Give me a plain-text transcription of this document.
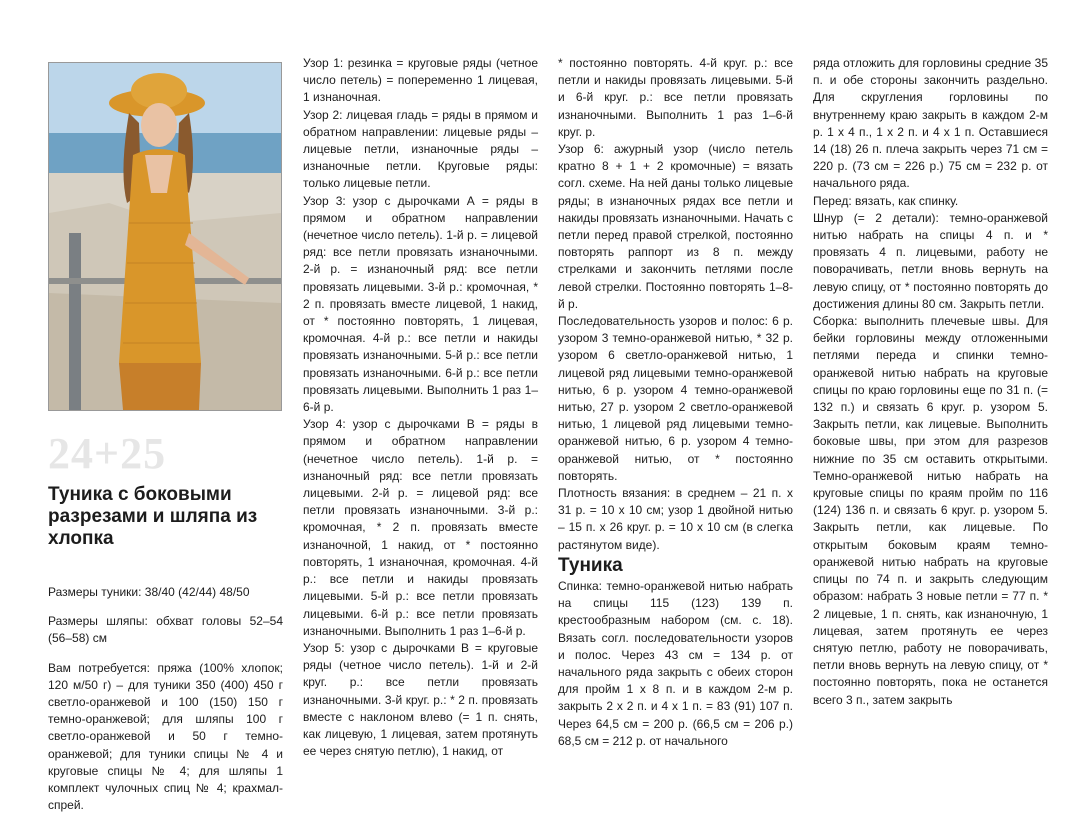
24+25
Туника с боковыми разрезами и шляпа из хлопка

Размеры туники: 38/40 (42/44) 48/50

Размеры шляпы: обхват головы 52–54 (56–58) см

Вам потребуется: пряжа (100% хлопок; 120 м/50 г) – для туники 350 (400) 450 г светло-оранжевой и 100 (150) 150 г темно-оранжевой; для шляпы 100 г светло-оранжевой и 50 г темно-оранжевой; для туники спицы № 4 и круговые спицы № 4; для шляпы 1 комплект чулочных спиц № 4; крахмал-спрей.

Узор 1: резинка = круговые ряды (четное число петель) = попеременно 1 лицевая, 1 изнаночная.

Узор 2: лицевая гладь = ряды в прямом и обратном направлении: лицевые ряды – лицевые петли, изнаночные ряды – изнаночные петли. Круговые ряды: только лицевые петли.

Узор 3: узор с дырочками А = ряды в прямом и обратном направлении (нечетное число петель). 1-й р. = лицевой ряд: все петли провязать изнаночными. 2-й р. = изнаночный ряд: все петли провязать лицевыми. 3-й р.: кромочная, * 2 п. провязать вместе лицевой, 1 накид, от * постоянно повторять, 1 лицевая, кромочная. 4-й р.: все петли и накиды провязать изнаночными. 5-й р.: все петли провязать изнаночными. 6-й р.: все петли провязать лицевыми. Выполнить 1 раз 1–6-й р.

Узор 4: узор с дырочками В = ряды в прямом и обратном направлении (нечетное число петель). 1-й р. = изнаночный ряд: все петли провязать лицевыми. 2-й р. = лицевой ряд: все петли провязать изнаночными. 3-й р.: кромочная, * 2 п. провязать вместе изнаночной, 1 накид, от * постоянно повторять, 1 изнаночная, кромочная. 4-й р.: все петли и накиды провязать лицевыми. 5-й р.: все петли провязать лицевыми. 6-й р.: все петли провязать изнаночными. Выполнить 1 раз 1–6-й р.

Узор 5: узор с дырочками В = круговые ряды (четное число петель). 1-й и 2-й круг. р.: все петли провязать изнаночными. 3-й круг. р.: * 2 п. провязать вместе с наклоном влево (= 1 п. снять, как лицевую, 1 лицевая, затем протянуть ее через снятую петлю), 1 накид, от

* постоянно повторять. 4-й круг. р.: все петли и накиды провязать лицевыми. 5-й и 6-й круг. р.: все петли провязать изнаночными. Выполнить 1 раз 1–6-й круг. р.

Узор 6: ажурный узор (число петель кратно 8 + 1 + 2 кромочные) = вязать согл. схеме. На ней даны только лицевые ряды; в изнаночных рядах все петли и накиды провязать изнаночными. Начать с петли перед правой стрелкой, постоянно повторять раппорт из 8 п. между стрелками и закончить петлями после левой стрелки. Постоянно повторять 1–8-й р.

Последовательность узоров и полос: 6 р. узором 3 темно-оранжевой нитью, * 32 р. узором 6 светло-оранжевой нитью, 1 лицевой ряд лицевыми темно-оранжевой нитью, 6 р. узором 4 темно-оранжевой нитью, 27 р. узором 2 светло-оранжевой нитью, 1 лицевой ряд лицевыми темно-оранжевой нитью, 6 р. узором 4 темно-оранжевой нитью, от * постоянно повторять.

Плотность вязания: в среднем – 21 п. x 31 р. = 10 x 10 см; узор 1 двойной нитью – 15 п. x 26 круг. р. = 10 x 10 см (в слегка растянутом виде).

Туника

Спинка: темно-оранжевой нитью набрать на спицы 115 (123) 139 п. крестообразным набором (см. с. 18). Вязать согл. последовательности узоров и полос. Через 43 см = 134 р. от начального ряда закрыть с обеих сторон для пройм 1 x 8 п. и в каждом 2-м р. закрыть 2 x 2 п. и 4 x 1 п. = 83 (91) 107 п. Через 64,5 см = 200 р. (66,5 см = 206 р.) 68,5 см = 212 р. от начального

ряда отложить для горловины средние 35 п. и обе стороны закончить раздельно. Для скругления горловины по внутреннему краю закрыть в каждом 2-м р. 1 x 4 п., 1 x 2 п. и 4 x 1 п. Оставшиеся 14 (18) 26 п. плеча закрыть через 71 см = 220 р. (73 см = 226 р.) 75 см = 232 р. от начального ряда.

Перед: вязать, как спинку.

Шнур (= 2 детали): темно-оранжевой нитью набрать на спицы 4 п. и * провязать 4 п. лицевыми, работу не поворачивать, петли вновь вернуть на левую спицу, от * постоянно повторять до достижения длины 80 см. Закрыть петли.

Сборка: выполнить плечевые швы. Для бейки горловины между отложенными петлями переда и спинки темно-оранжевой нитью набрать на круговые спицы по краю горловины еще по 31 п. (= 132 п.) и связать 6 круг. р. узором 5. Закрыть петли, как лицевые. Выполнить боковые швы, при этом для разрезов нижние по 35 см оставить открытыми. Темно-оранжевой нитью набрать на круговые спицы по краям пройм по 116 (124) 136 п. и связать 6 круг. р. узором 5. Закрыть петли, как лицевые. По открытым боковым краям темно-оранжевой нитью набрать на круговые спицы по 74 п. и закрыть следующим образом: набрать 3 новые петли = 77 п. * 2 лицевые, 1 п. снять, как изнаночную, 1 лицевая, затем протянуть ее через снятую петлю, работу не поворачивать, петли вновь вернуть на левую спицу, от * постоянно повторять, пока не останется всего 3 п., затем закрыть
